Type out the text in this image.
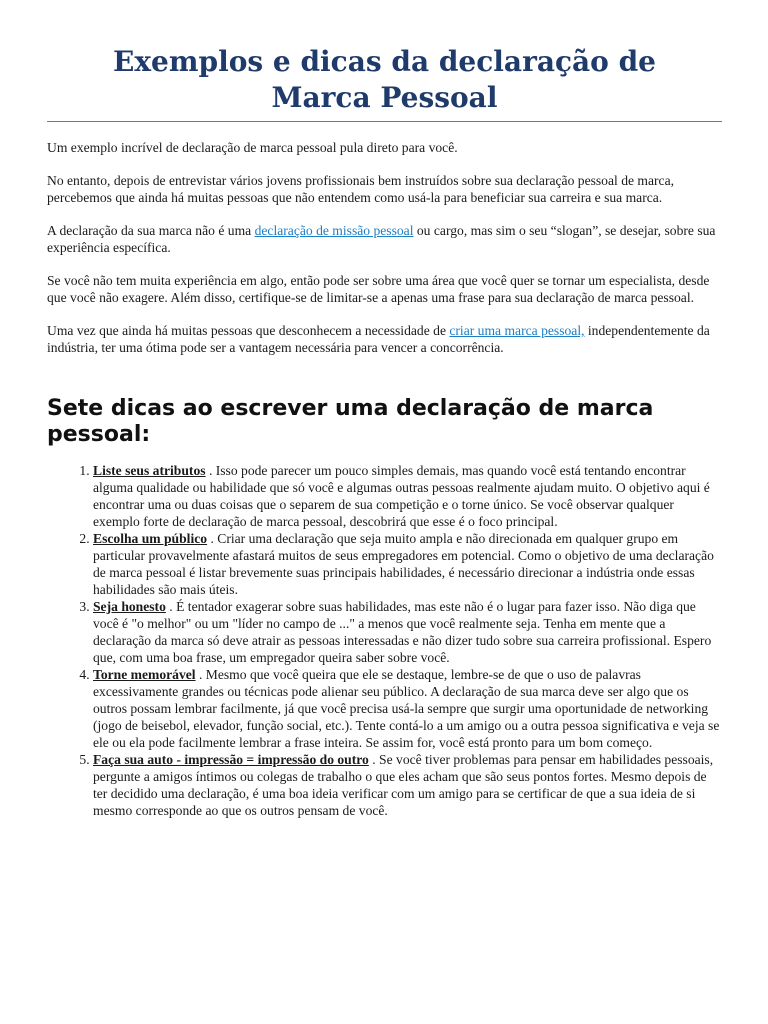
Exemplos e dicas da declaração de
Marca Pessoal

Um exemplo incrível de declaração de marca pessoal pula direto para você.

No entanto, depois de entrevistar vários jovens profissionais bem instruídos sobre sua declaração pessoal de marca, percebemos que ainda há muitas pessoas que não entendem como usá-la para beneficiar sua carreira e sua marca.

A declaração da sua marca não é uma declaração de missão pessoal ou cargo, mas sim o seu “slogan”, se desejar, sobre sua experiência específica.

Se você não tem muita experiência em algo, então pode ser sobre uma área que você quer se tornar um especialista, desde que você não exagere. Além disso, certifique-se de limitar-se a apenas uma frase para sua declaração de marca pessoal.

Uma vez que ainda há muitas pessoas que desconhecem a necessidade de criar uma marca pessoal, independentemente da indústria, ter uma ótima pode ser a vantagem necessária para vencer a concorrência.

Sete dicas ao escrever uma declaração de marca pessoal:
1. Liste seus atributos . Isso pode parecer um pouco simples demais, mas quando você está tentando encontrar alguma qualidade ou habilidade que só você e algumas outras pessoas realmente ajudam muito. O objetivo aqui é encontrar uma ou duas coisas que o separem de sua competição e o torne único. Se você observar qualquer exemplo forte de declaração de marca pessoal, descobrirá que esse é o foco principal.
2. Escolha um público . Criar uma declaração que seja muito ampla e não direcionada em qualquer grupo em particular provavelmente afastará muitos de seus empregadores em potencial. Como o objetivo de uma declaração de marca pessoal é listar brevemente suas principais habilidades, é necessário direcionar a indústria onde essas habilidades são mais úteis.
3. Seja honesto . É tentador exagerar sobre suas habilidades, mas este não é o lugar para fazer isso. Não diga que você é "o melhor" ou um "líder no campo de ..." a menos que você realmente seja. Tenha em mente que a declaração da marca só deve atrair as pessoas interessadas e não dizer tudo sobre sua carreira profissional. Espero que, com uma boa frase, um empregador queira saber sobre você.
4. Torne memorável . Mesmo que você queira que ele se destaque, lembre-se de que o uso de palavras excessivamente grandes ou técnicas pode alienar seu público. A declaração de sua marca deve ser algo que os outros possam lembrar facilmente, já que você precisa usá-la sempre que surgir uma oportunidade de networking (jogo de beisebol, elevador, função social, etc.). Tente contá-lo a um amigo ou a outra pessoa significativa e veja se ele ou ela pode facilmente lembrar a frase inteira. Se assim for, você está pronto para um bom começo.
5. Faça sua auto - impressão = impressão do outro . Se você tiver problemas para pensar em habilidades pessoais, pergunte a amigos íntimos ou colegas de trabalho o que eles acham que são seus pontos fortes. Mesmo depois de ter decidido uma declaração, é uma boa ideia verificar com um amigo para se certificar de que a sua ideia de si mesmo corresponde ao que os outros pensam de você.
